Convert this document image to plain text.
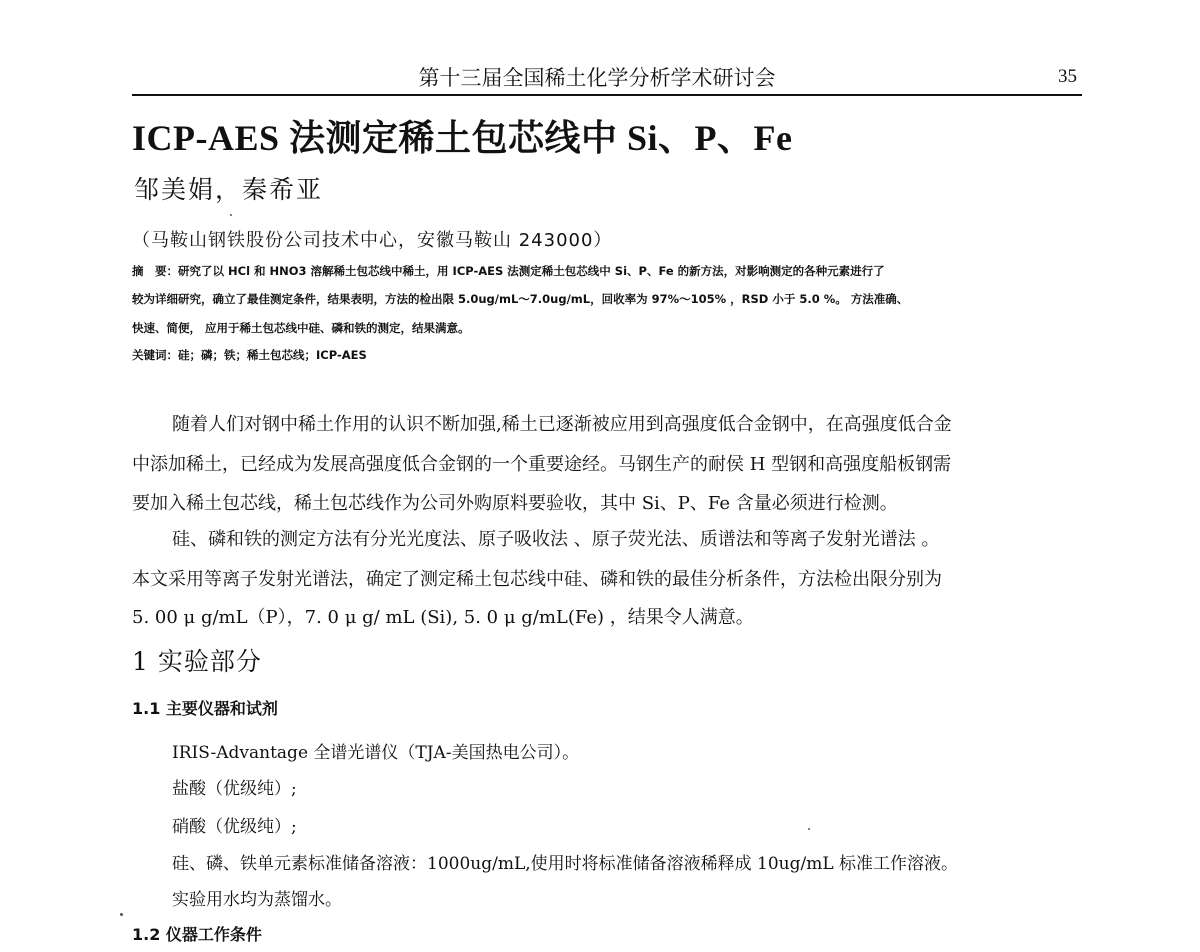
第十三届全国稀土化学分析学术研讨会	35
ICP-AES 法测定稀土包芯线中 Si、P、Fe
邹美娟，秦希亚
（马鞍山钢铁股份公司技术中心，安徽马鞍山 243000）
摘　要：研究了以 HCl 和 HNO3 溶解稀土包芯线中稀土，用 ICP-AES 法测定稀土包芯线中 Si、P、Fe 的新方法，对影响测定的各种元素进行了
较为详细研究，确立了最佳测定条件，结果表明，方法的检出限 5.0ug/mL～7.0ug/mL，回收率为 97%～105% ，RSD 小于 5.0 %。 方法准确、
快速、简便， 应用于稀土包芯线中硅、磷和铁的测定，结果满意。
关键词：硅；磷；铁；稀土包芯线；ICP-AES
随着人们对钢中稀土作用的认识不断加强,稀土已逐渐被应用到高强度低合金钢中，在高强度低合金
中添加稀土，已经成为发展高强度低合金钢的一个重要途经。马钢生产的耐侯 H 型钢和高强度船板钢需
要加入稀土包芯线，稀土包芯线作为公司外购原料要验收，其中 Si、P、Fe 含量必须进行检测。
硅、磷和铁的测定方法有分光光度法、原子吸收法 、原子荧光法、质谱法和等离子发射光谱法 。
本文采用等离子发射光谱法，确定了测定稀土包芯线中硅、磷和铁的最佳分析条件，方法检出限分别为
5. 00 μ g/mL（P），7. 0 μ g/ mL (Si), 5. 0 μ g/mL(Fe) ，结果令人满意。
1 实验部分
1.1 主要仪器和试剂
IRIS-Advantage 全谱光谱仪（TJA-美国热电公司）。
盐酸（优级纯）;
硝酸（优级纯）;
硅、磷、铁单元素标准储备溶液：1000ug/mL,使用时将标准储备溶液稀释成 10ug/mL 标准工作溶液。
实验用水均为蒸馏水。
1.2 仪器工作条件
